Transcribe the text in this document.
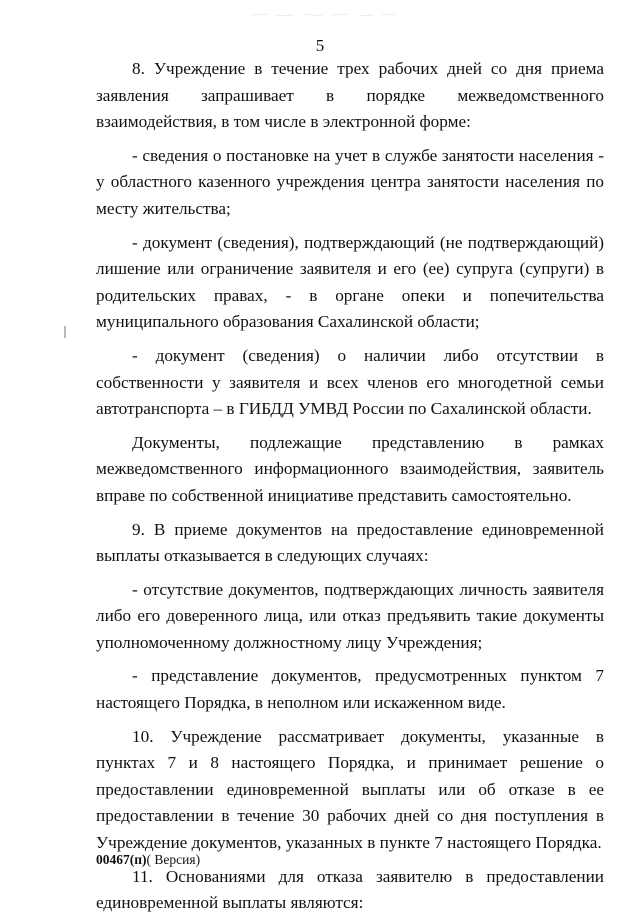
5

8. Учреждение в течение трех рабочих дней со дня приема заявления запрашивает в порядке межведомственного взаимодействия, в том числе в электронной форме:

- сведения о постановке на учет в службе занятости населения - у областного казенного учреждения центра занятости населения по месту жительства;

- документ (сведения), подтверждающий (не подтверждающий) лишение или ограничение заявителя и его (ее) супруга (супруги) в родительских правах, - в органе опеки и попечительства муниципального образования Сахалинской области;

- документ (сведения) о наличии либо отсутствии в собственности у заявителя и всех членов его многодетной семьи автотранспорта – в ГИБДД УМВД России по Сахалинской области.

Документы, подлежащие представлению в рамках межведомственного информационного взаимодействия, заявитель вправе по собственной инициативе представить самостоятельно.

9. В приеме документов на предоставление единовременной выплаты отказывается в следующих случаях:

- отсутствие документов, подтверждающих личность заявителя либо его доверенного лица, или отказ предъявить такие документы уполномоченному должностному лицу Учреждения;

- представление документов, предусмотренных пунктом 7 настоящего Порядка, в неполном или искаженном виде.

10. Учреждение рассматривает документы, указанные в пунктах 7 и 8 настоящего Порядка, и принимает решение о предоставлении единовременной выплаты или об отказе в ее предоставлении в течение 30 рабочих дней со дня поступления в Учреждение документов, указанных в пункте 7 настоящего Порядка.

11. Основаниями для отказа заявителю в предоставлении единовременной выплаты являются:

00467(п)( Версия)
